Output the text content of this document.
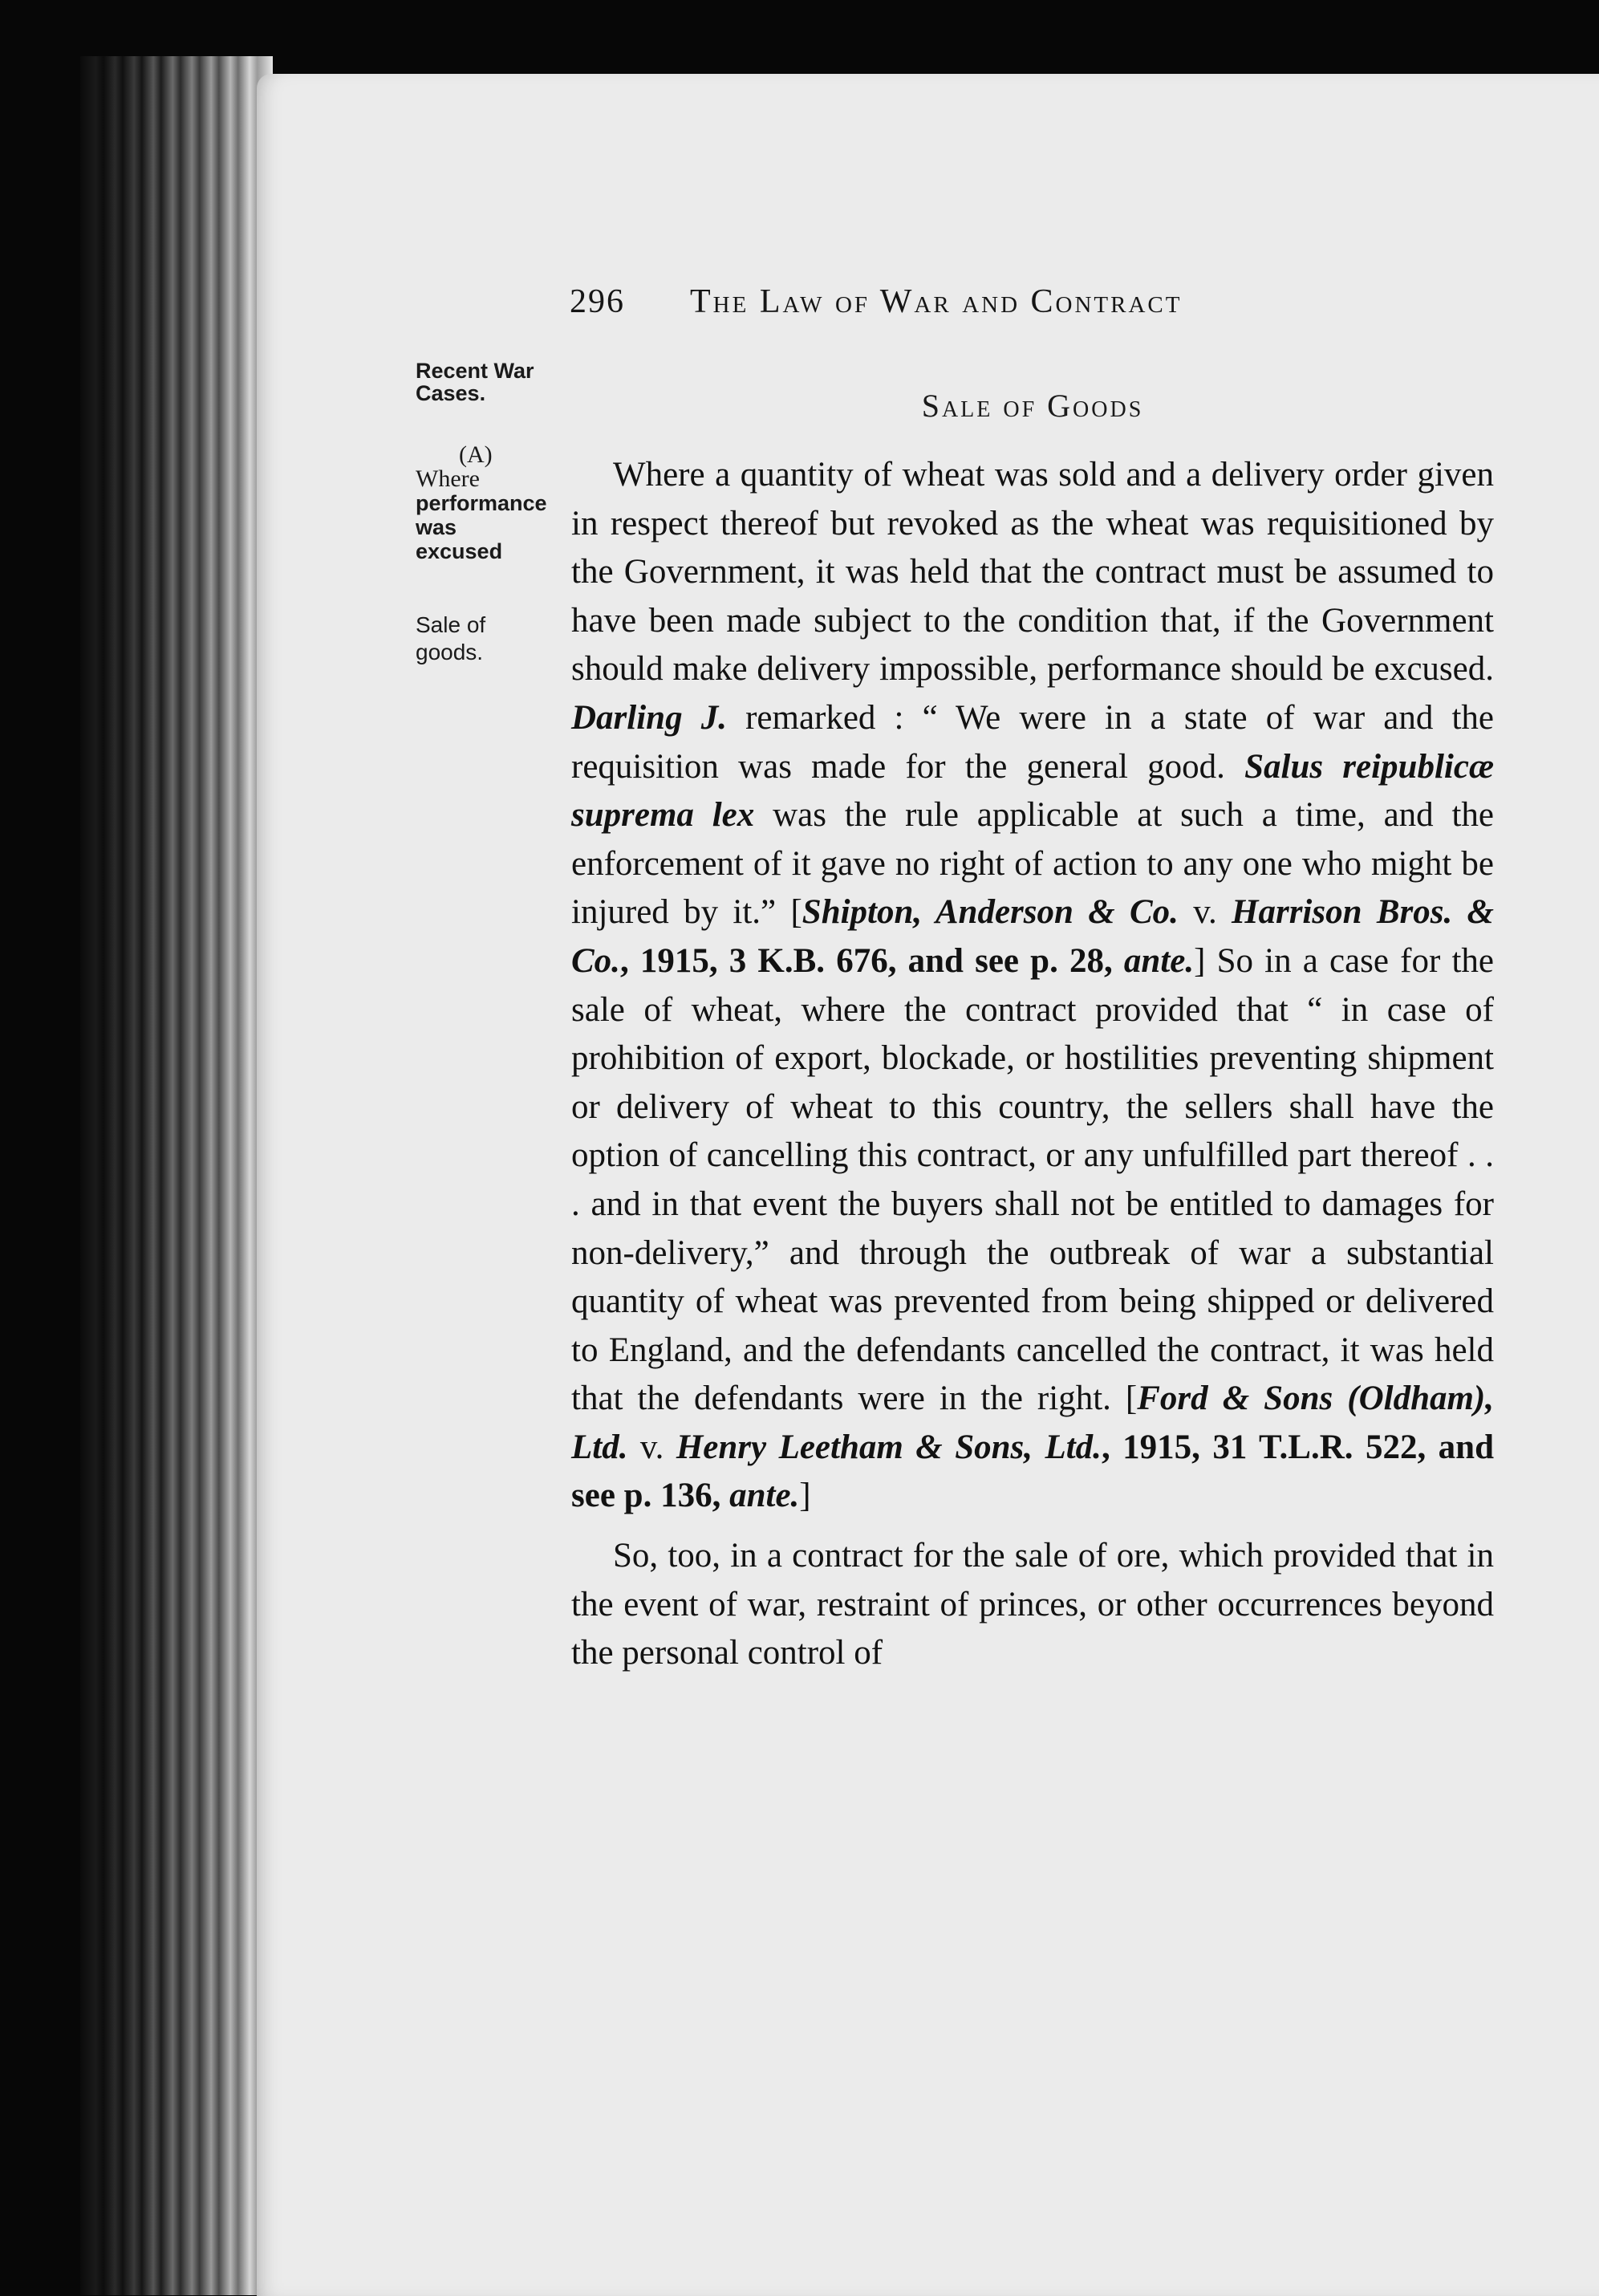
296 The Law of War and Contract
Recent War Cases.
(A)
Where
performance was excused
Sale of goods.
Sale of Goods

Where a quantity of wheat was sold and a delivery order given in respect thereof but revoked as the wheat was requisitioned by the Government, it was held that the contract must be assumed to have been made subject to the condition that, if the Government should make delivery impossible, performance should be excused. Darling J. remarked : “ We were in a state of war and the requisition was made for the general good. Salus reipublicæ suprema lex was the rule applicable at such a time, and the enforcement of it gave no right of action to any one who might be injured by it.” [Shipton, Anderson & Co. v. Harrison Bros. & Co., 1915, 3 K.B. 676, and see p. 28, ante.] So in a case for the sale of wheat, where the contract provided that “ in case of prohibition of export, blockade, or hostilities preventing shipment or delivery of wheat to this country, the sellers shall have the option of cancelling this contract, or any unfulfilled part thereof . . . and in that event the buyers shall not be entitled to damages for non-delivery,” and through the outbreak of war a substantial quantity of wheat was prevented from being shipped or delivered to England, and the defendants cancelled the contract, it was held that the defendants were in the right. [Ford & Sons (Oldham), Ltd. v. Henry Leetham & Sons, Ltd., 1915, 31 T.L.R. 522, and see p. 136, ante.]

So, too, in a contract for the sale of ore, which provided that in the event of war, restraint of princes, or other occurrences beyond the personal control of
